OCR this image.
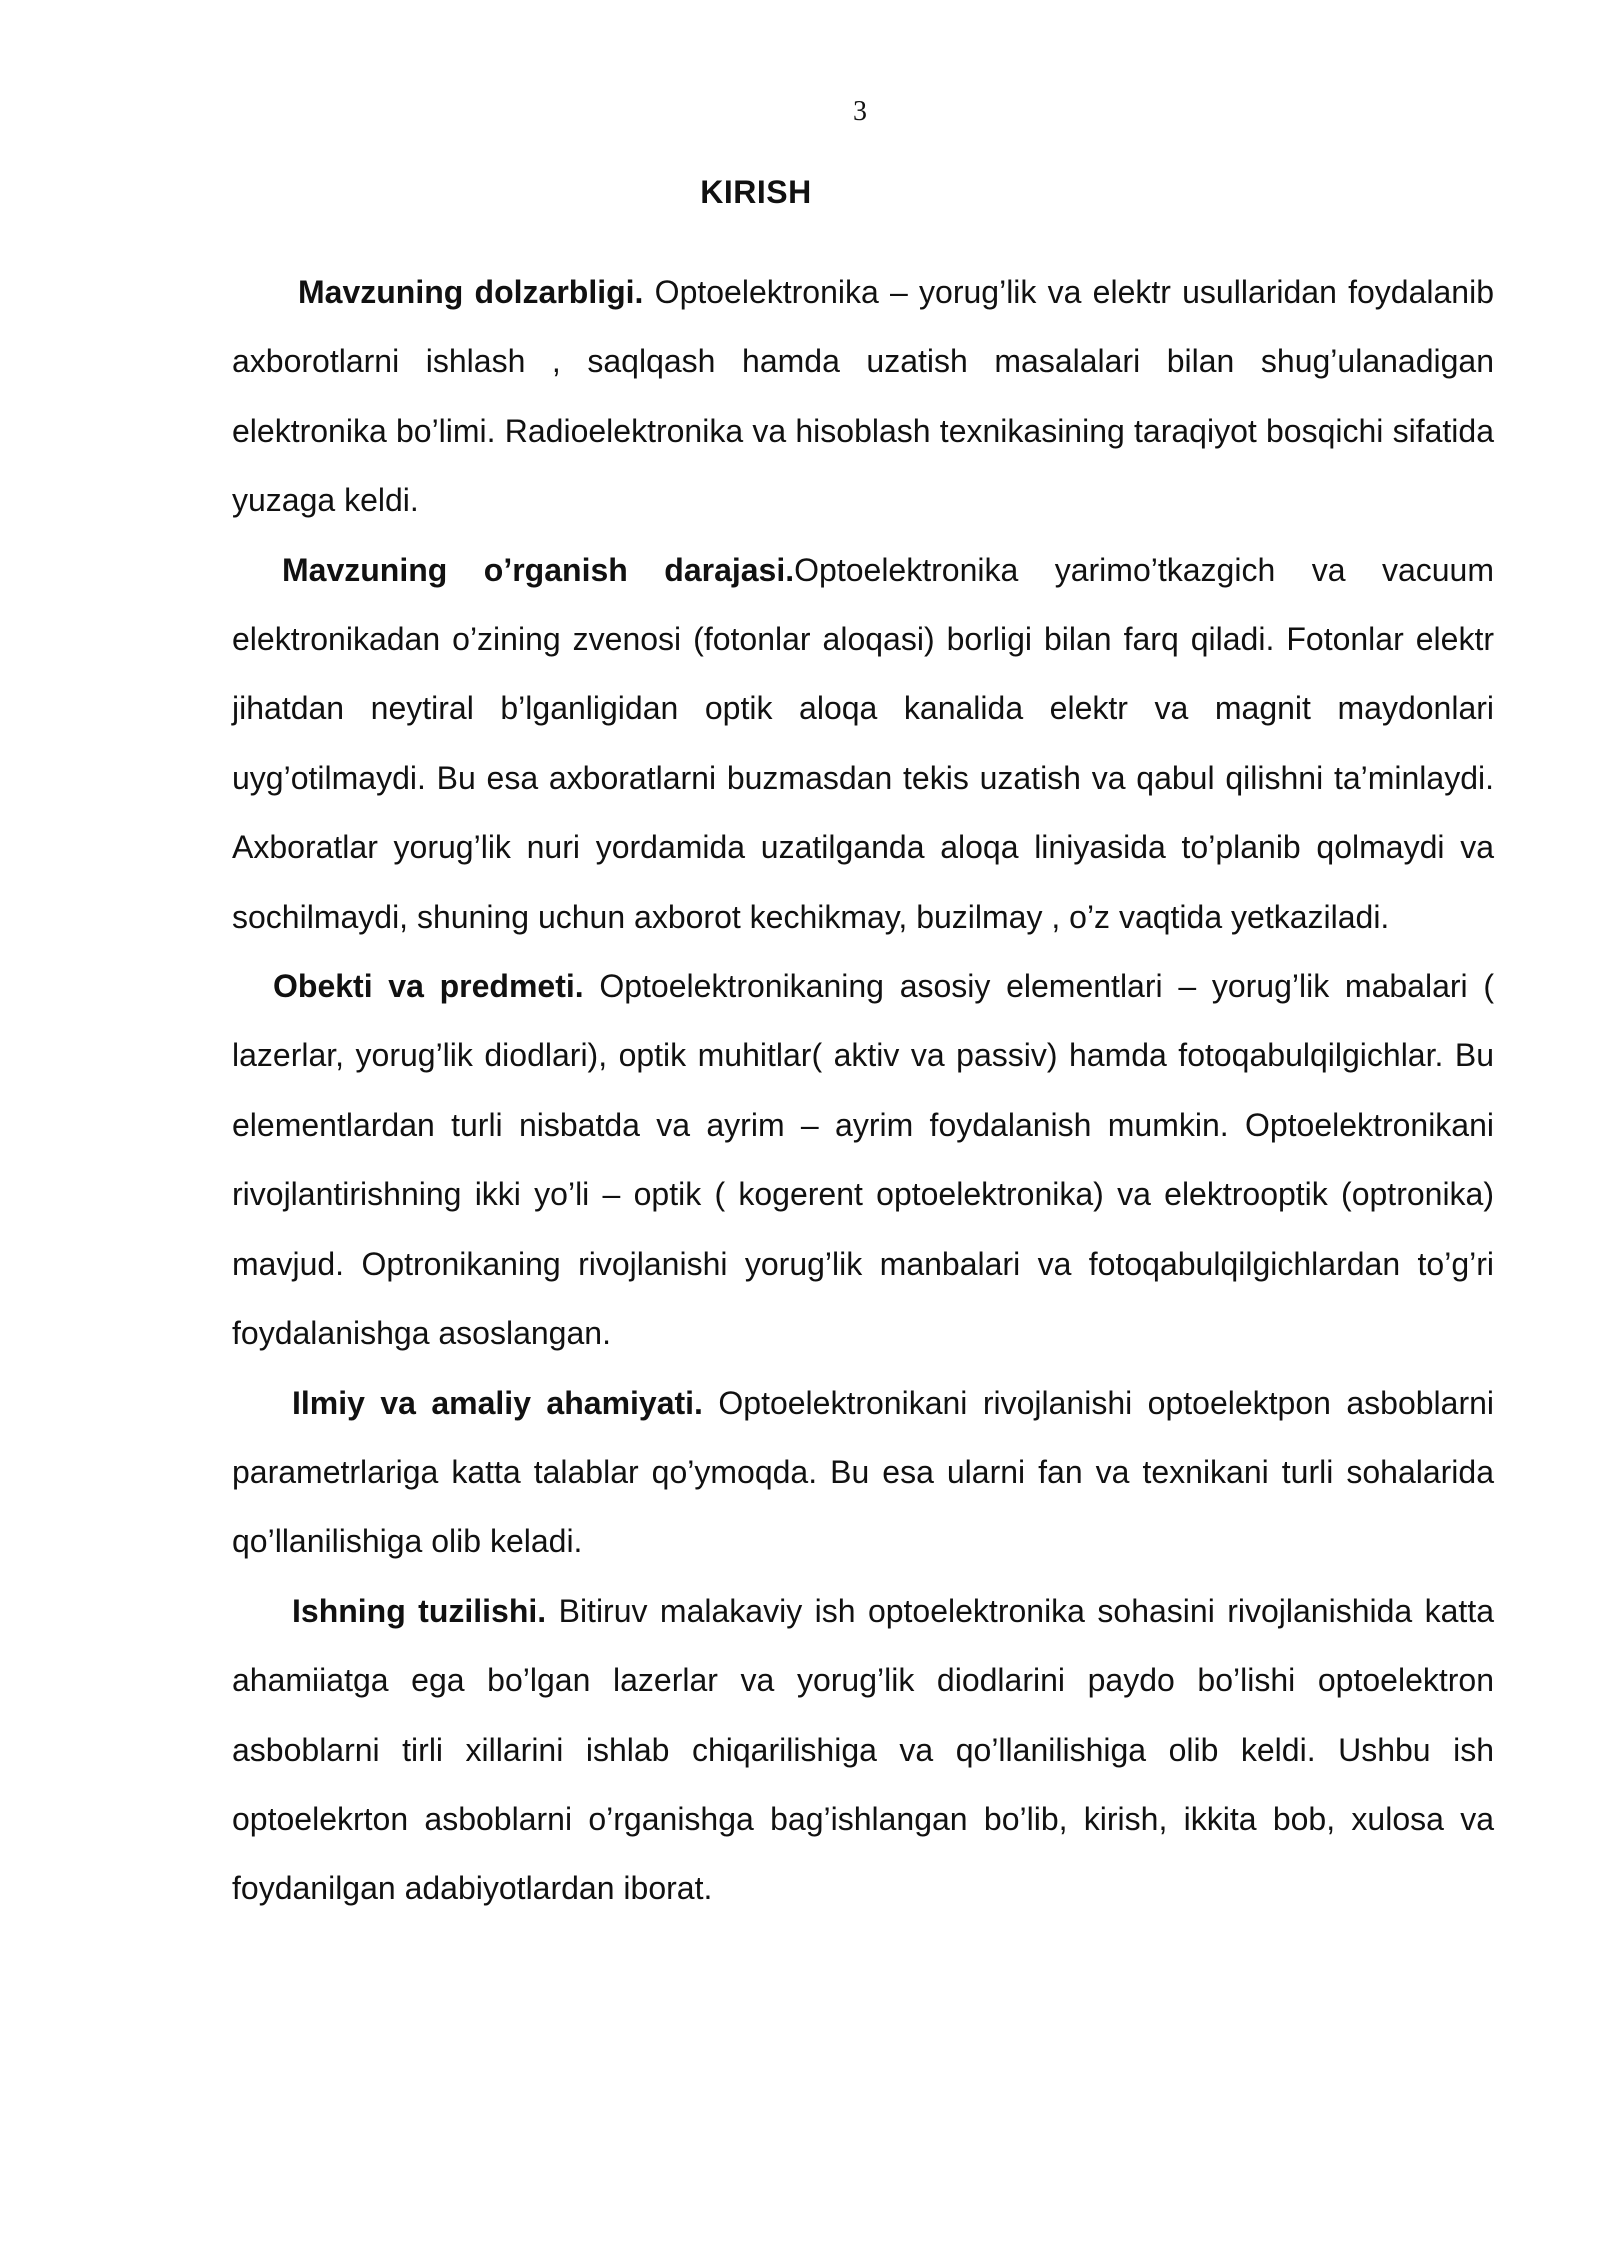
3
KIRISH

Mavzuning dolzarbligi. Optoelektronika – yorug’lik va elektr usullaridan foydalanib axborotlarni ishlash , saqlqash hamda uzatish masalalari bilan shug’ulanadigan elektronika bo’limi. Radioelektronika va hisoblash texnikasining taraqiyot bosqichi sifatida yuzaga keldi.

Mavzuning o’rganish darajasi.Optoelektronika yarimo’tkazgich va vacuum elektronikadan o’zining zvenosi (fotonlar aloqasi) borligi bilan farq qiladi. Fotonlar elektr jihatdan neytiral b’lganligidan optik aloqa kanalida elektr va magnit maydonlari uyg’otilmaydi. Bu esa axboratlarni buzmasdan tekis uzatish va qabul qilishni ta’minlaydi. Axboratlar yorug’lik nuri yordamida uzatilganda aloqa liniyasida to’planib qolmaydi va sochilmaydi, shuning uchun axborot kechikmay, buzilmay , o’z vaqtida yetkaziladi.

Obekti va predmeti. Optoelektronikaning asosiy elementlari – yorug’lik mabalari ( lazerlar, yorug’lik diodlari), optik muhitlar( aktiv va passiv) hamda fotoqabulqilgichlar. Bu elementlardan turli nisbatda va ayrim – ayrim foydalanish mumkin. Optoelektronikani rivojlantirishning ikki yo’li – optik ( kogerent optoelektronika) va elektrooptik (optronika) mavjud. Optronikaning rivojlanishi yorug’lik manbalari va fotoqabulqilgichlardan to’g’ri foydalanishga asoslangan.

Ilmiy va amaliy ahamiyati. Optoelektronikani rivojlanishi optoelektpon asboblarni parametrlariga katta talablar qo’ymoqda. Bu esa ularni fan va texnikani turli sohalarida qo’llanilishiga olib keladi.

Ishning tuzilishi. Bitiruv malakaviy ish optoelektronika sohasini rivojlanishida katta ahamiiatga ega bo’lgan lazerlar va yorug’lik diodlarini paydo bo’lishi optoelektron asboblarni tirli xillarini ishlab chiqarilishiga va qo’llanilishiga olib keldi. Ushbu ish optoelekrton asboblarni o’rganishga bag’ishlangan bo’lib, kirish, ikkita bob, xulosa va foydanilgan adabiyotlardan iborat.
